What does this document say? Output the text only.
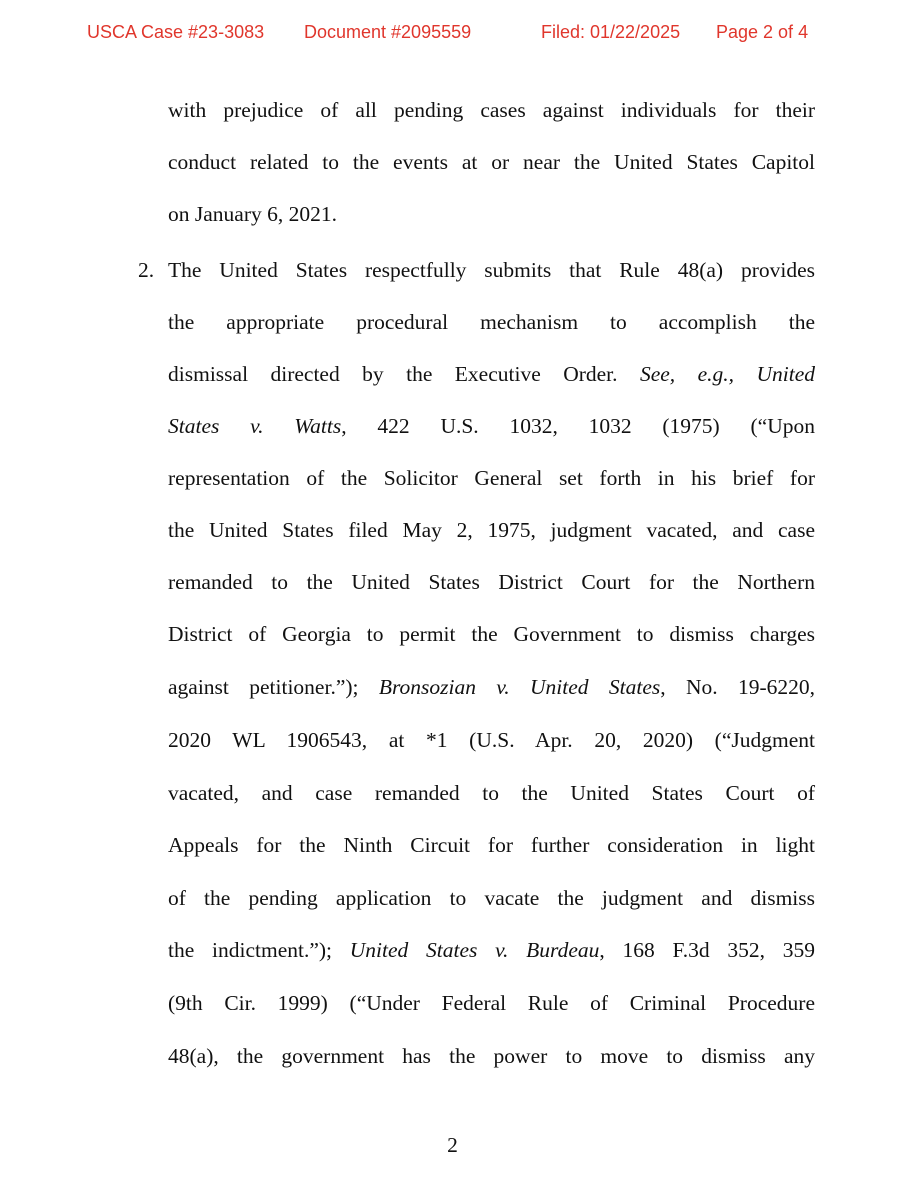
USCA Case #23-3083 Document #2095559	Filed: 01/22/2025 Page 2 of 4
with prejudice of all pending cases against individuals for their
conduct related to the events at or near the United States Capitol
on January 6, 2021.
2. The United States respectfully submits that Rule 48(a) provides
the appropriate procedural mechanism to accomplish the
dismissal directed by the Executive Order. See, e.g., United
States v. Watts, 422 U.S. 1032, 1032 (1975) (“Upon
representation of the Solicitor General set forth in his brief for
the United States filed May 2, 1975, judgment vacated, and case
remanded to the United States District Court for the Northern
District of Georgia to permit the Government to dismiss charges
against petitioner.”); Bronsozian v. United States, No. 19-6220,
2020 WL 1906543, at *1 (U.S. Apr. 20, 2020) (“Judgment
vacated, and case remanded to the United States Court of
Appeals for the Ninth Circuit for further consideration in light
of the pending application to vacate the judgment and dismiss
the indictment.”); United States v. Burdeau, 168 F.3d 352, 359
(9th Cir. 1999) (“Under Federal Rule of Criminal Procedure
48(a), the government has the power to move to dismiss any
2
